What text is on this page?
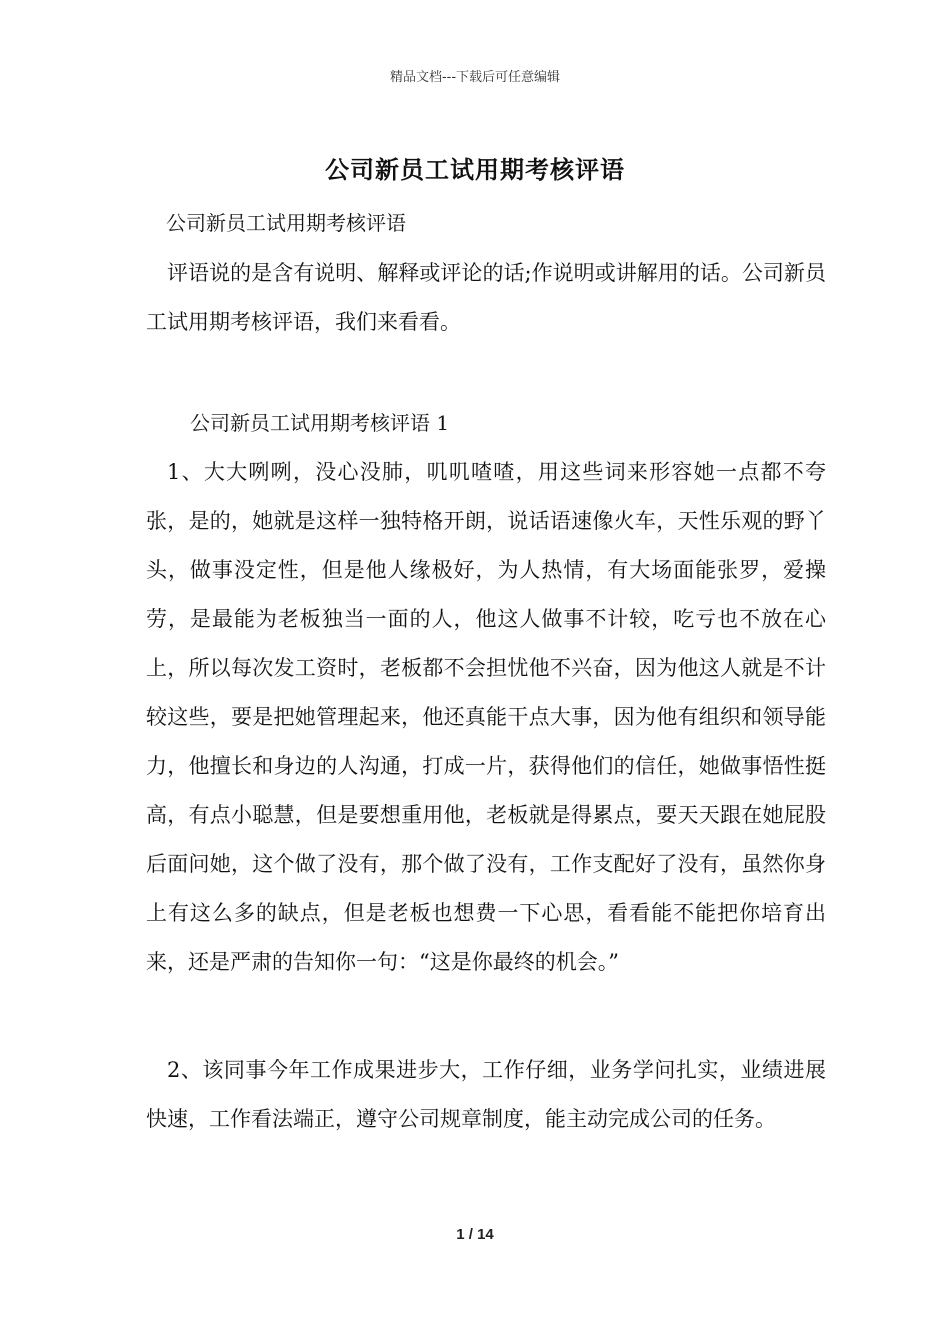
精品文档---下载后可任意编辑
公司新员工试用期考核评语
公司新员工试用期考核评语
评语说的是含有说明、解释或评论的话;作说明或讲解用的话。公司新员工试用期考核评语，我们来看看。
公司新员工试用期考核评语 1
1、大大咧咧，没心没肺，叽叽喳喳，用这些词来形容她一点都不夸张，是的，她就是这样一独特格开朗，说话语速像火车，天性乐观的野丫头，做事没定性，但是他人缘极好，为人热情，有大场面能张罗，爱操劳，是最能为老板独当一面的人，他这人做事不计较，吃亏也不放在心上，所以每次发工资时，老板都不会担忧他不兴奋，因为他这人就是不计较这些，要是把她管理起来，他还真能干点大事，因为他有组织和领导能力，他擅长和身边的人沟通，打成一片，获得他们的信任，她做事悟性挺高，有点小聪慧，但是要想重用他，老板就是得累点，要天天跟在她屁股后面问她，这个做了没有，那个做了没有，工作支配好了没有，虽然你身上有这么多的缺点，但是老板也想费一下心思，看看能不能把你培育出来，还是严肃的告知你一句：“这是你最终的机会。”
2、该同事今年工作成果进步大，工作仔细，业务学问扎实，业绩进展快速，工作看法端正，遵守公司规章制度，能主动完成公司的任务。
1 / 14
